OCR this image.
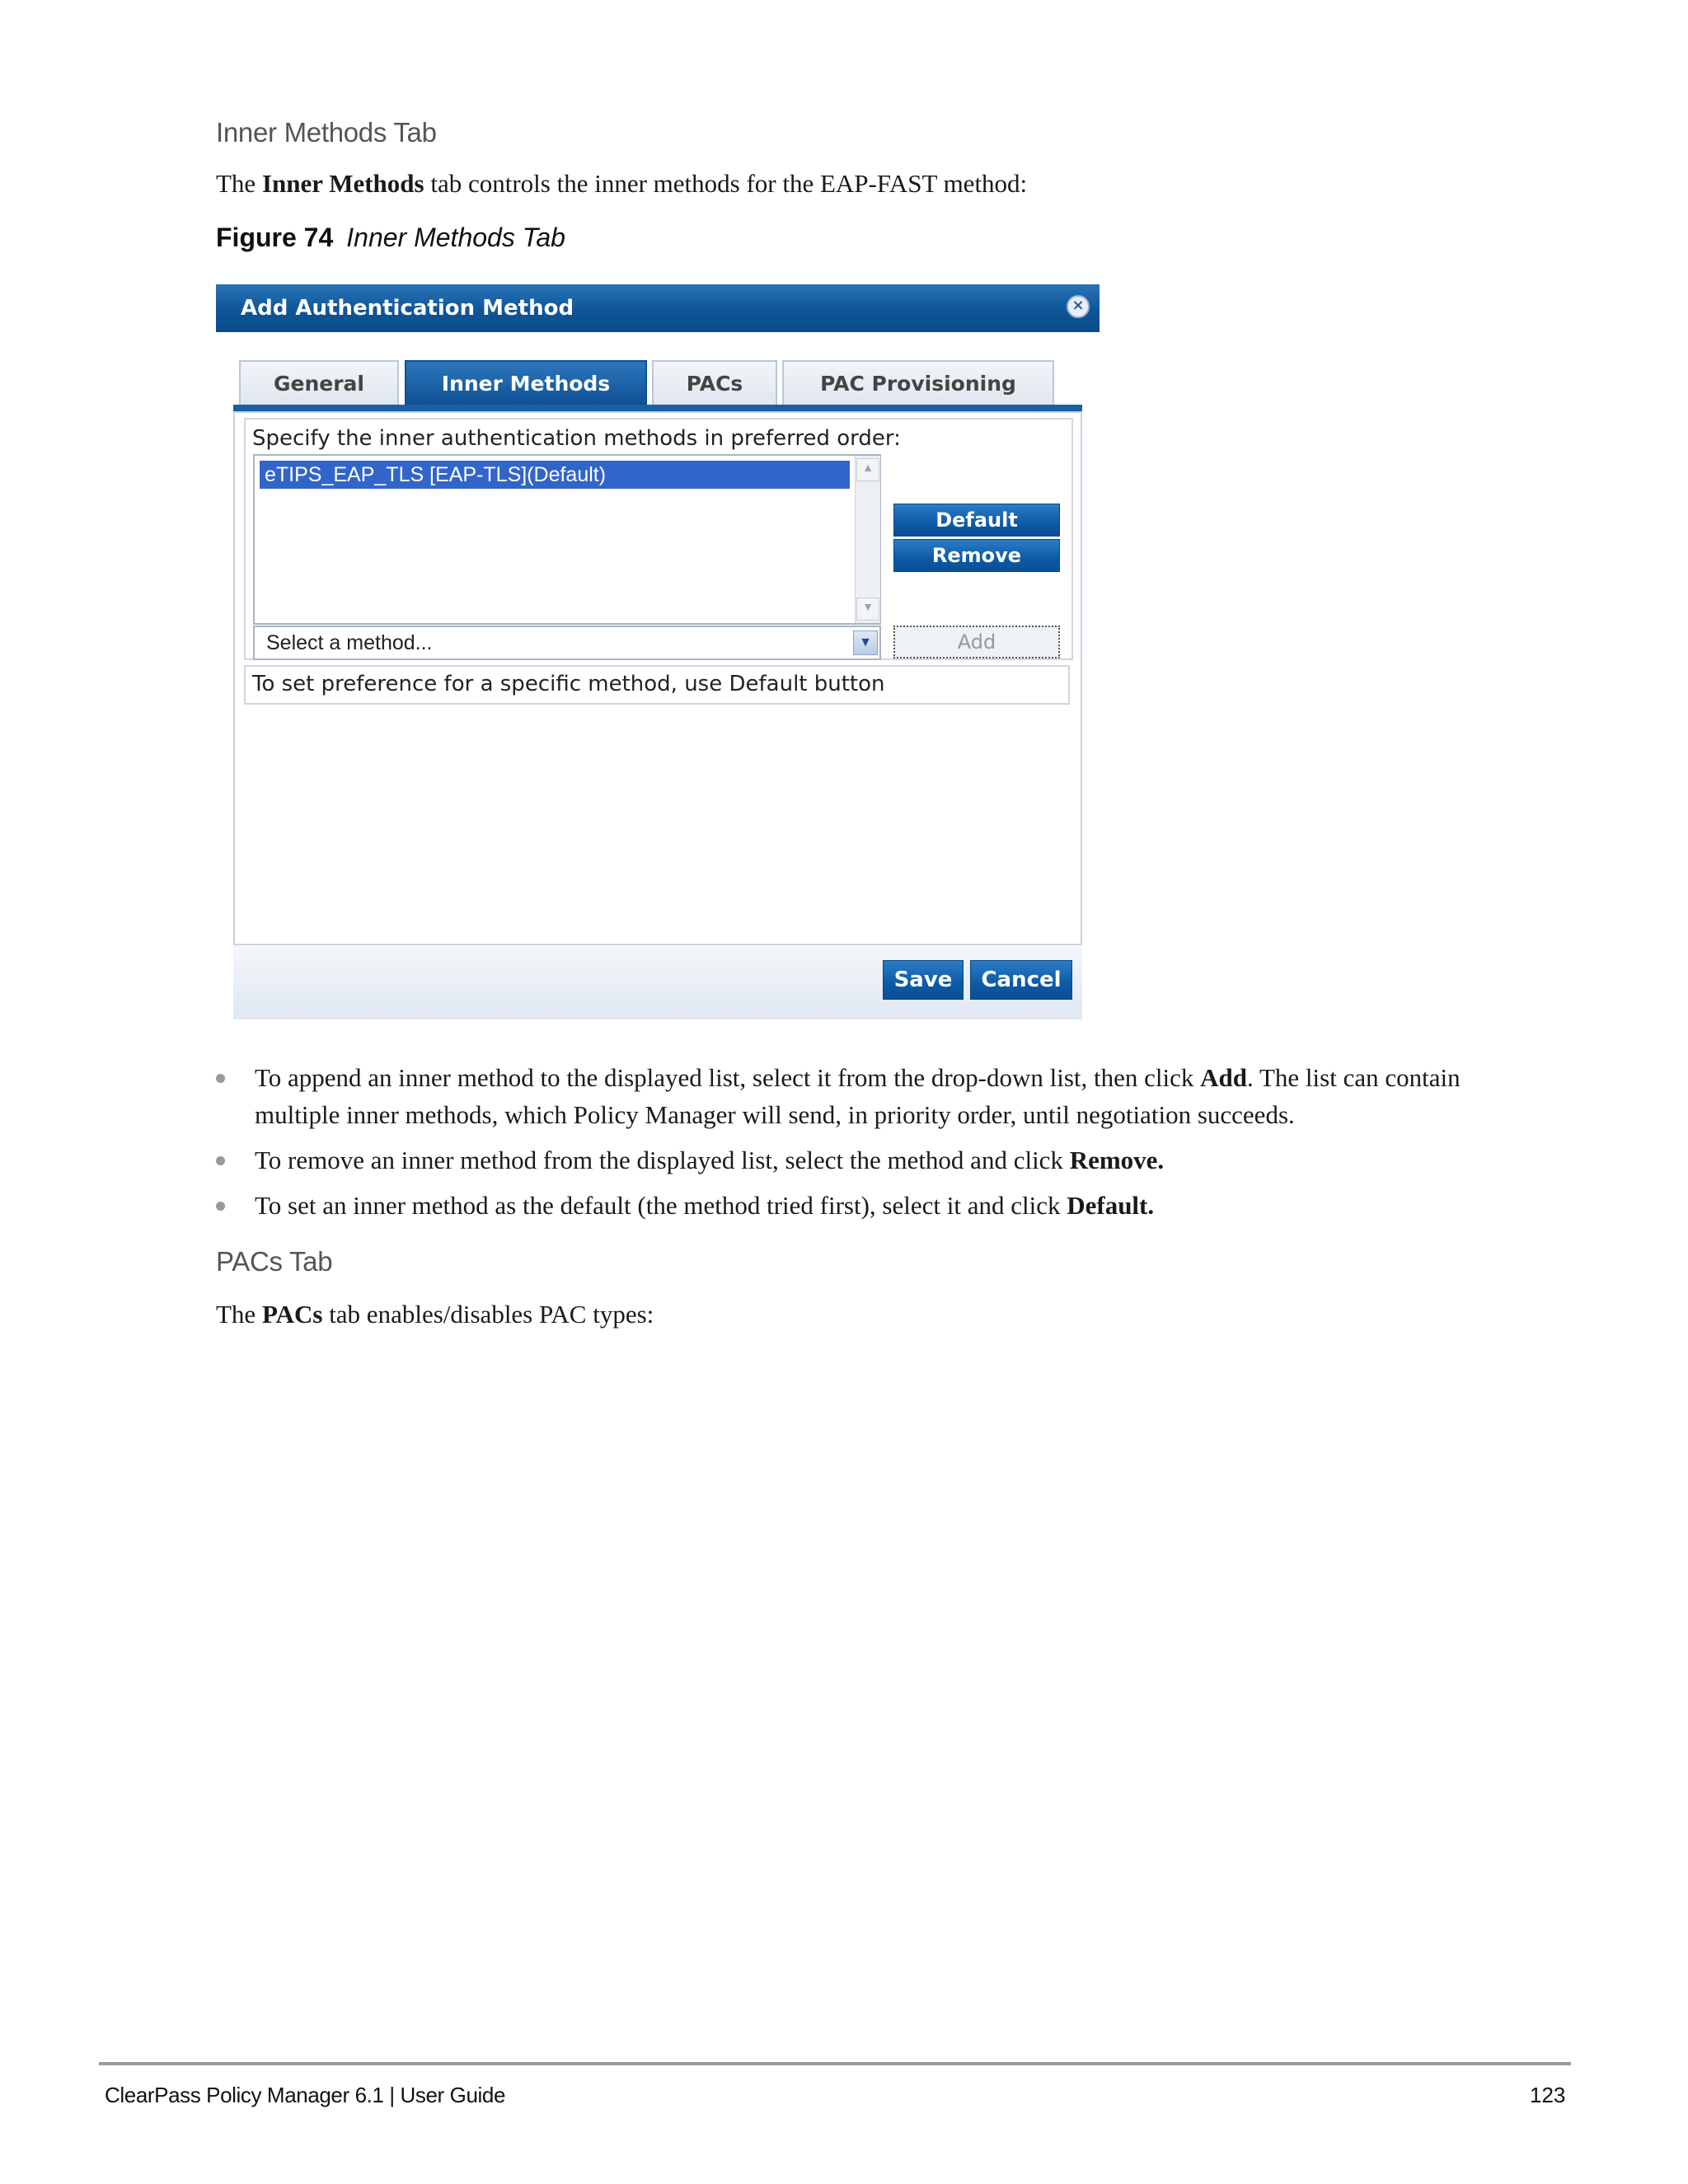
Inner Methods Tab
The Inner Methods tab controls the inner methods for the EAP-FAST method:
Figure 74 Inner Methods Tab
Add Authentication Method	×
General	Inner Methods	PACs	PAC Provisioning
Specify the inner authentication methods in preferred order:
eTIPS_EAP_TLS [EAP-TLS](Default)	▲
▼
Select a method...	▼
Default
Remove
Add
To set preference for a specific method, use Default button
Save	Cancel
To append an inner method to the displayed list, select it from the drop-down list, then click Add. The list can contain multiple inner methods, which Policy Manager will send, in priority order, until negotiation succeeds.
To remove an inner method from the displayed list, select the method and click Remove.
To set an inner method as the default (the method tried first), select it and click Default.
PACs Tab
The PACs tab enables/disables PAC types:
ClearPass Policy Manager 6.1 | User Guide	123
